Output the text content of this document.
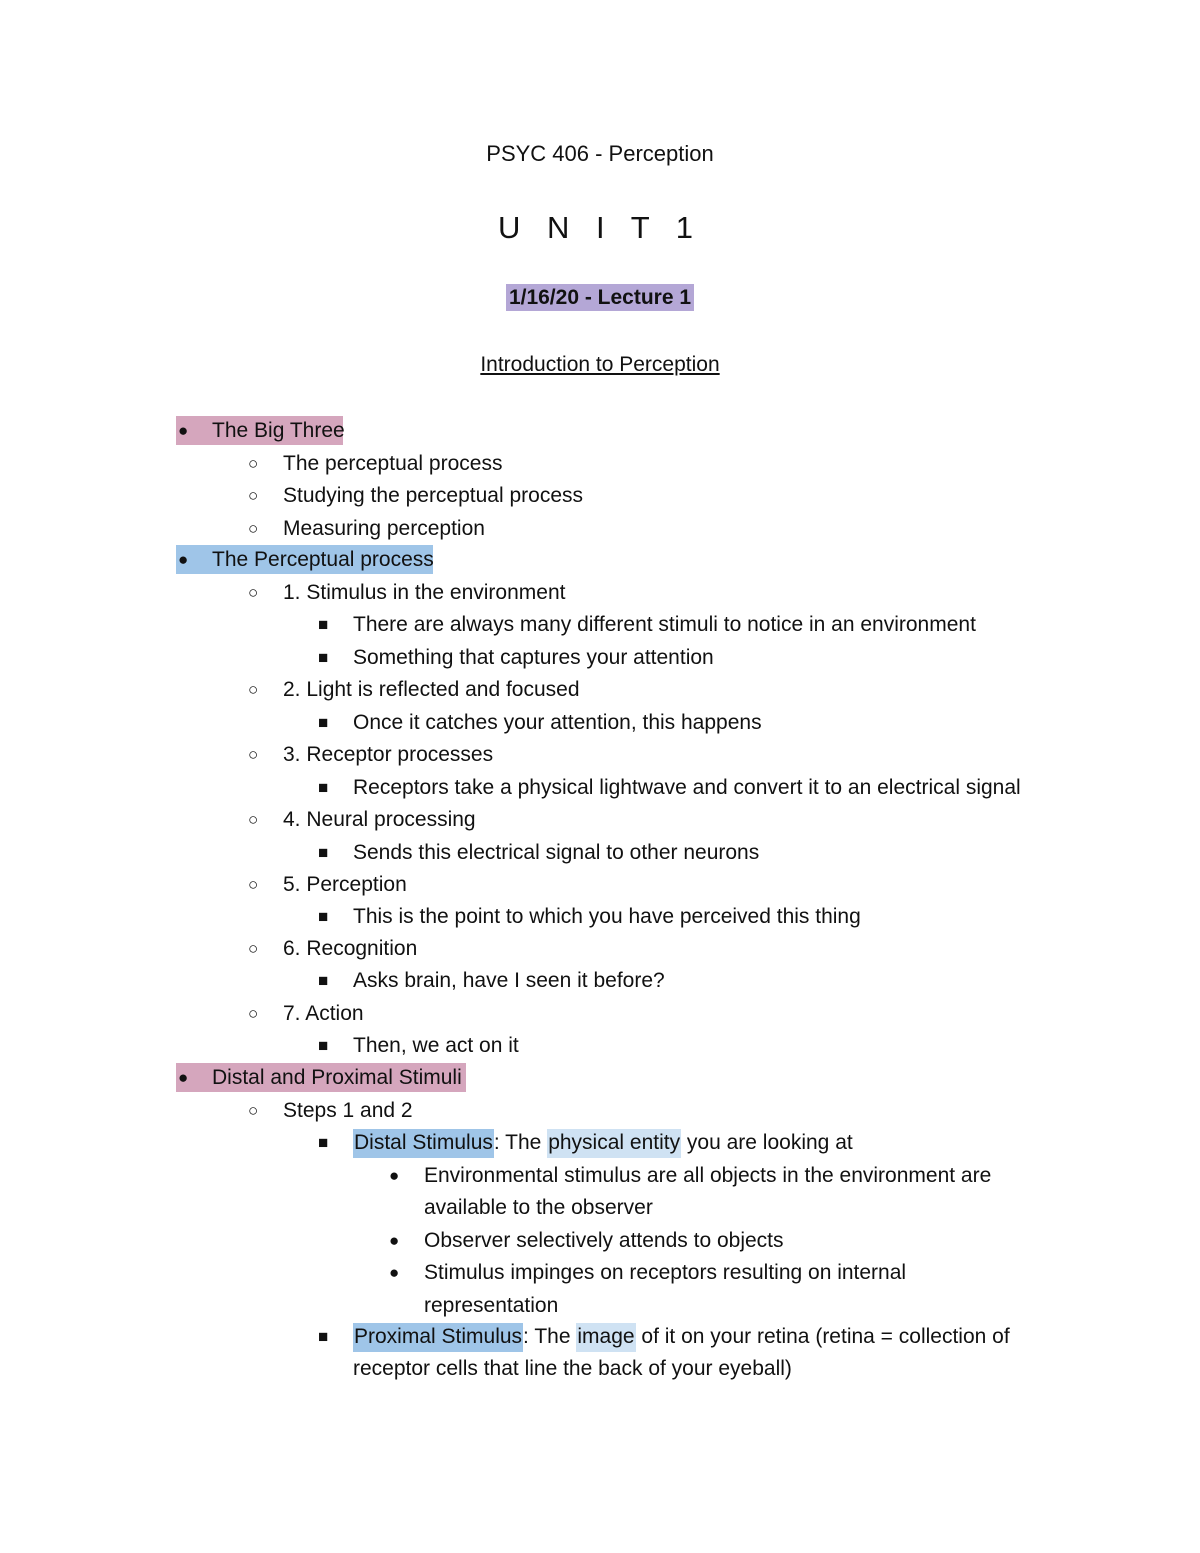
PSYC 406 - Perception
U N I T 1
1/16/20 - Lecture 1
Introduction to Perception
● The Big Three
○ The perceptual process
○ Studying the perceptual process
○ Measuring perception
● The Perceptual process
○ 1. Stimulus in the environment
■ There are always many different stimuli to notice in an environment
■ Something that captures your attention
○ 2. Light is reflected and focused
■ Once it catches your attention, this happens
○ 3. Receptor processes
■ Receptors take a physical lightwave and convert it to an electrical signal
○ 4. Neural processing
■ Sends this electrical signal to other neurons
○ 5. Perception
■ This is the point to which you have perceived this thing
○ 6. Recognition
■ Asks brain, have I seen it before?
○ 7. Action
■ Then, we act on it
● Distal and Proximal Stimuli
○ Steps 1 and 2
■ Distal Stimulus: The physical entity you are looking at
● Environmental stimulus are all objects in the environment are
available to the observer
● Observer selectively attends to objects
● Stimulus impinges on receptors resulting on internal
representation
■ Proximal Stimulus: The image of it on your retina (retina = collection of
receptor cells that line the back of your eyeball)
